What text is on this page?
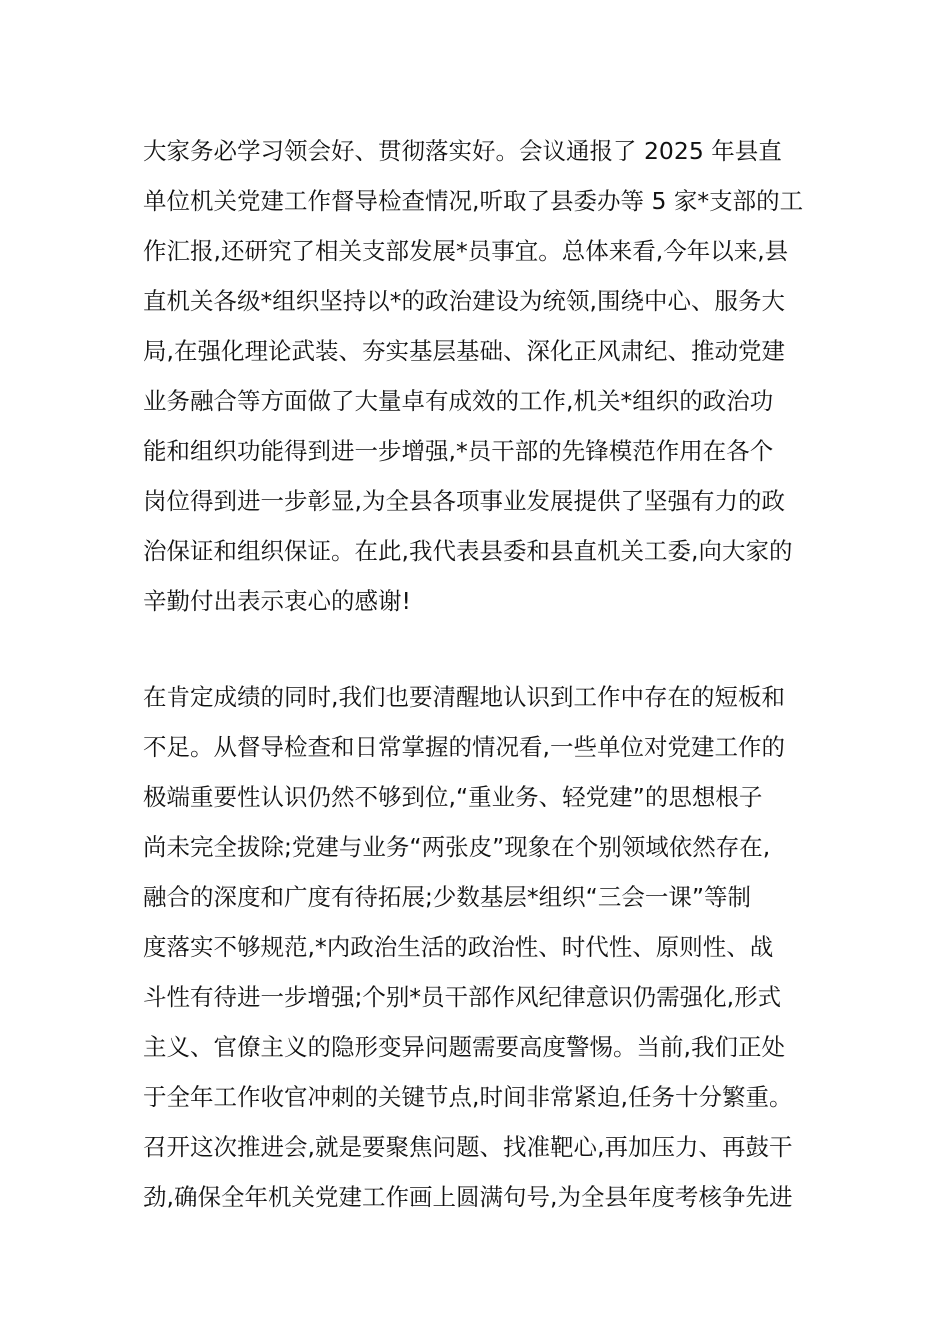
大家务必学习领会好、贯彻落实好。会议通报了 2025 年县直
单位机关党建工作督导检查情况,听取了县委办等 5 家*支部的工
作汇报,还研究了相关支部发展*员事宜。总体来看,今年以来,县
直机关各级*组织坚持以*的政治建设为统领,围绕中心、服务大
局,在强化理论武装、夯实基层基础、深化正风肃纪、推动党建
业务融合等方面做了大量卓有成效的工作,机关*组织的政治功
能和组织功能得到进一步增强,*员干部的先锋模范作用在各个
岗位得到进一步彰显,为全县各项事业发展提供了坚强有力的政
治保证和组织保证。在此,我代表县委和县直机关工委,向大家的
辛勤付出表示衷心的感谢!
在肯定成绩的同时,我们也要清醒地认识到工作中存在的短板和
不足。从督导检查和日常掌握的情况看,一些单位对党建工作的
极端重要性认识仍然不够到位,“重业务、轻党建”的思想根子
尚未完全拔除;党建与业务“两张皮”现象在个别领域依然存在,
融合的深度和广度有待拓展;少数基层*组织“三会一课”等制
度落实不够规范,*内政治生活的政治性、时代性、原则性、战
斗性有待进一步增强;个别*员干部作风纪律意识仍需强化,形式
主义、官僚主义的隐形变异问题需要高度警惕。当前,我们正处
于全年工作收官冲刺的关键节点,时间非常紧迫,任务十分繁重。
召开这次推进会,就是要聚焦问题、找准靶心,再加压力、再鼓干
劲,确保全年机关党建工作画上圆满句号,为全县年度考核争先进
